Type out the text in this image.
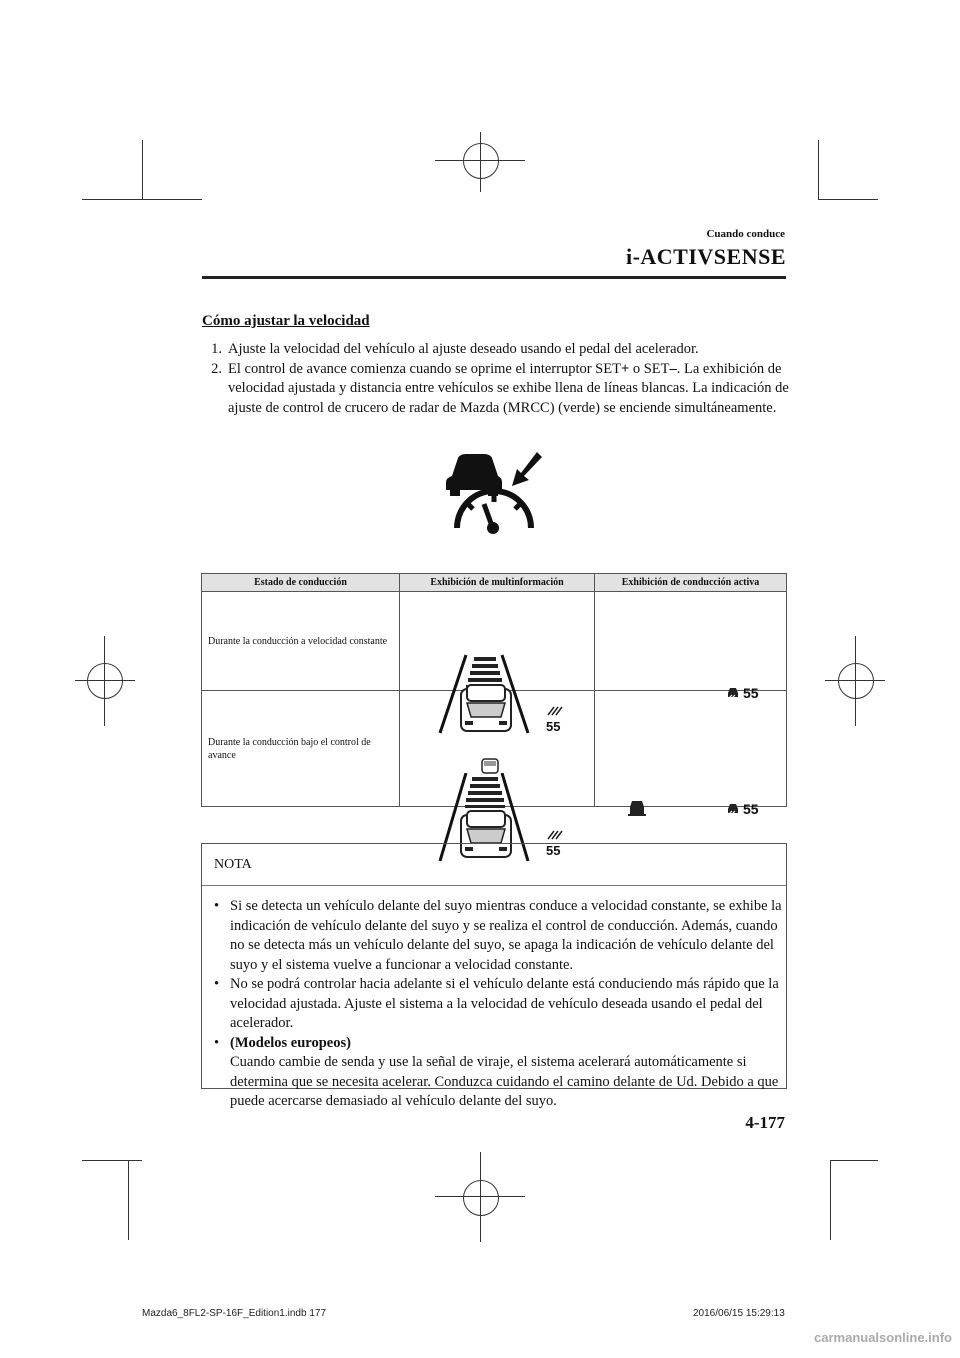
Cuando conduce
i-ACTIVSENSE
Cómo ajustar la velocidad
1. Ajuste la velocidad del vehículo al ajuste deseado usando el pedal del acelerador.
2. El control de avance comienza cuando se oprime el interruptor SET+ o SET–. La exhibición de velocidad ajustada y distancia entre vehículos se exhibe llena de líneas blancas. La indicación de ajuste de control de crucero de radar de Mazda (MRCC) (verde) se enciende simultáneamente.
Estado de conducción	Exhibición de multinformación	Exhibición de conducción activa
Durante la conducción a velocidad constante	55	55

Durante la conducción bajo el control de avance	55	55
NOTA
• Si se detecta un vehículo delante del suyo mientras conduce a velocidad constante, se exhibe la indicación de vehículo delante del suyo y se realiza el control de conducción. Además, cuando no se detecta más un vehículo delante del suyo, se apaga la indicación de vehículo delante del suyo y el sistema vuelve a funcionar a velocidad constante.
• No se podrá controlar hacia adelante si el vehículo delante está conduciendo más rápido que la velocidad ajustada. Ajuste el sistema a la velocidad de vehículo deseada usando el pedal del acelerador.
• (Modelos europeos)
Cuando cambie de senda y use la señal de viraje, el sistema acelerará automáticamente si determina que se necesita acelerar. Conduzca cuidando el camino delante de Ud. Debido a que puede acercarse demasiado al vehículo delante del suyo.
4-177
Mazda6_8FL2-SP-16F_Edition1.indb 177	2016/06/15 15:29:13
carmanualsonline.info
